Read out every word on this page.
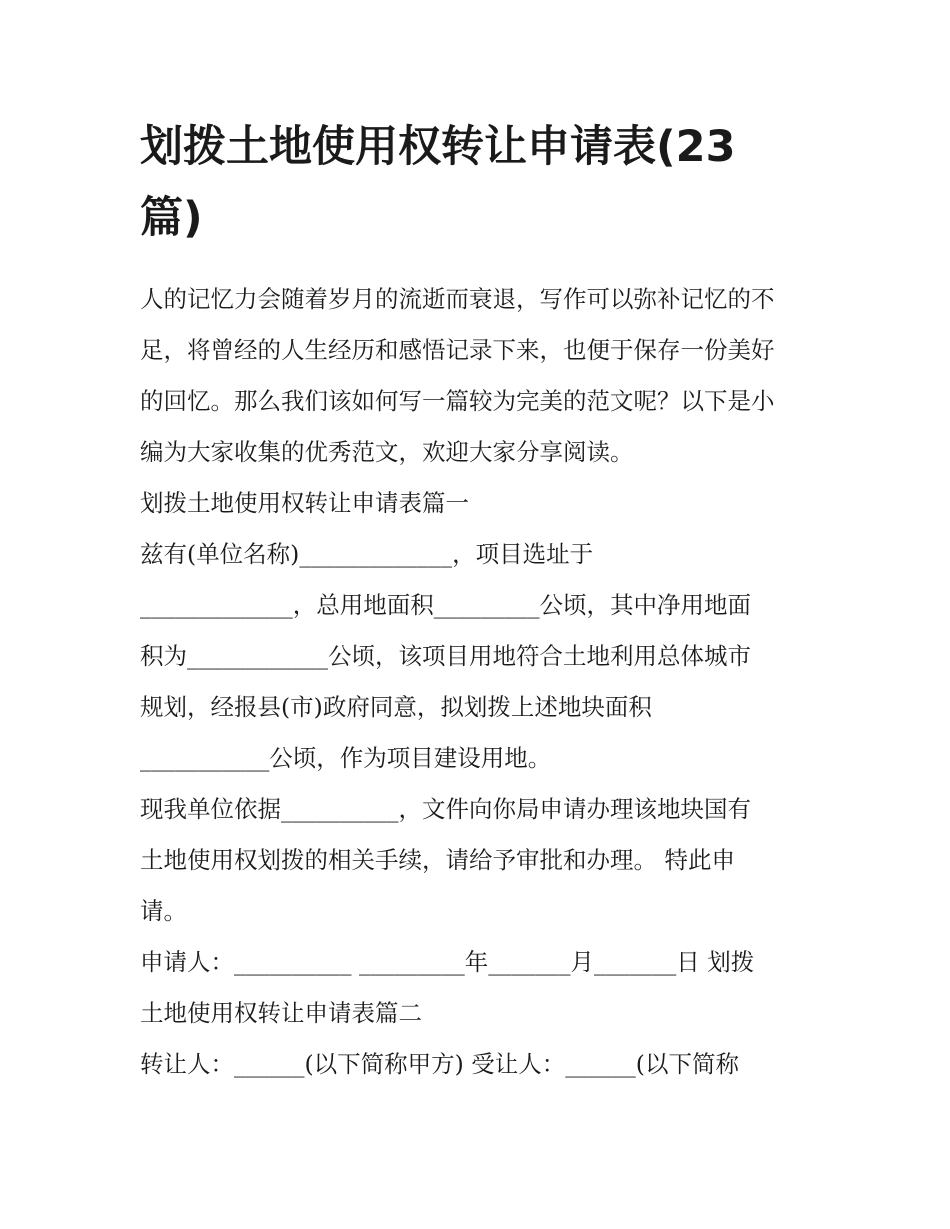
划拨土地使用权转让申请表(23
篇)
人的记忆力会随着岁月的流逝而衰退，写作可以弥补记忆的不
足，将曾经的人生经历和感悟记录下来，也便于保存一份美好
的回忆。那么我们该如何写一篇较为完美的范文呢？以下是小
编为大家收集的优秀范文，欢迎大家分享阅读。
划拨土地使用权转让申请表篇一
兹有(单位名称)_____________，项目选址于
_____________，总用地面积_________公顷，其中净用地面
积为____________公顷，该项目用地符合土地利用总体城市
规划，经报县(市)政府同意，拟划拨上述地块面积
___________公顷，作为项目建设用地。
现我单位依据__________，文件向你局申请办理该地块国有
土地使用权划拨的相关手续，请给予审批和办理。 特此申
请。
申请人：__________ _________年_______月_______日 划拨
土地使用权转让申请表篇二
转让人：______(以下简称甲方) 受让人：______(以下简称
